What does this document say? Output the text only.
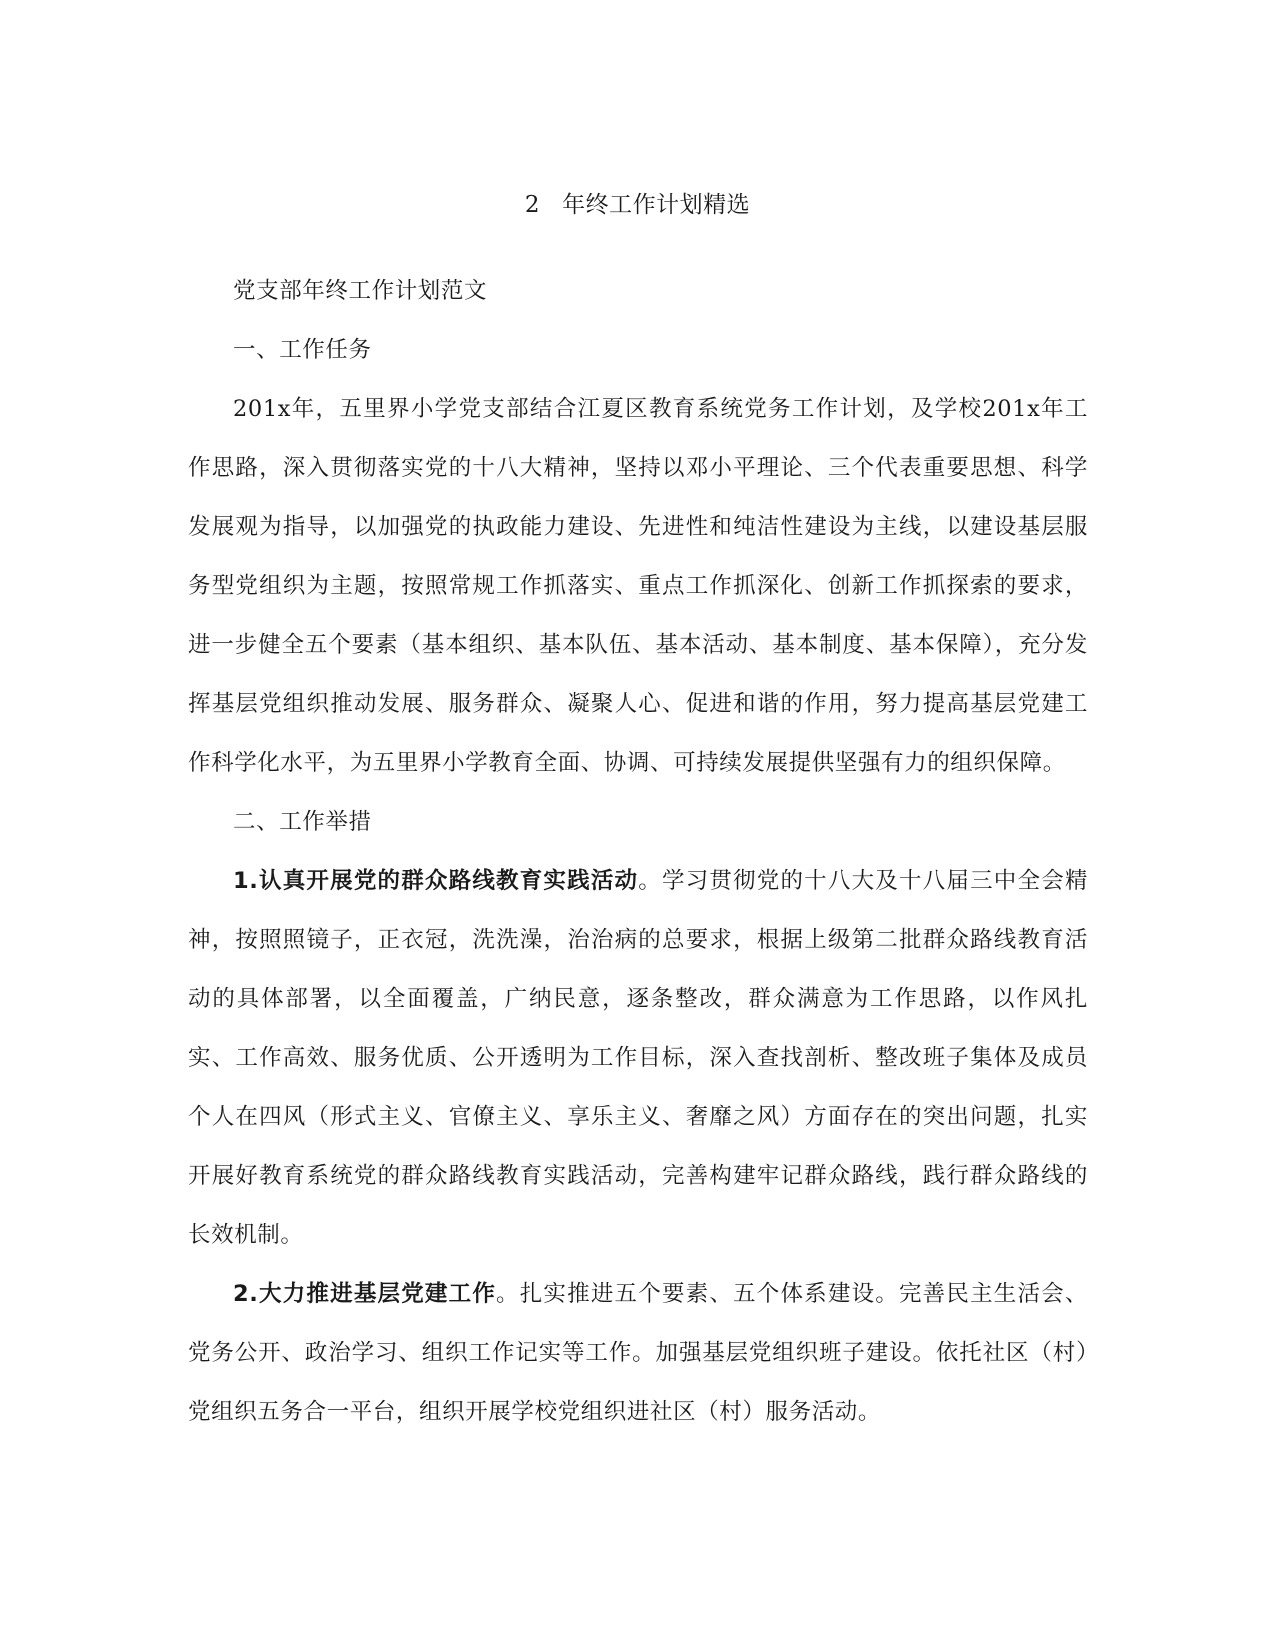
2 年终工作计划精选

党支部年终工作计划范文

一、工作任务

201x年，五里界小学党支部结合江夏区教育系统党务工作计划，及学校201x年工作思路，深入贯彻落实党的十八大精神，坚持以邓小平理论、三个代表重要思想、科学发展观为指导，以加强党的执政能力建设、先进性和纯洁性建设为主线，以建设基层服务型党组织为主题，按照常规工作抓落实、重点工作抓深化、创新工作抓探索的要求，进一步健全五个要素（基本组织、基本队伍、基本活动、基本制度、基本保障），充分发挥基层党组织推动发展、服务群众、凝聚人心、促进和谐的作用，努力提高基层党建工作科学化水平，为五里界小学教育全面、协调、可持续发展提供坚强有力的组织保障。

二、工作举措

1.认真开展党的群众路线教育实践活动。学习贯彻党的十八大及十八届三中全会精神，按照照镜子，正衣冠，洗洗澡，治治病的总要求，根据上级第二批群众路线教育活动的具体部署，以全面覆盖，广纳民意，逐条整改，群众满意为工作思路，以作风扎实、工作高效、服务优质、公开透明为工作目标，深入查找剖析、整改班子集体及成员个人在四风（形式主义、官僚主义、享乐主义、奢靡之风）方面存在的突出问题，扎实开展好教育系统党的群众路线教育实践活动，完善构建牢记群众路线，践行群众路线的长效机制。

2.大力推进基层党建工作。扎实推进五个要素、五个体系建设。完善民主生活会、党务公开、政治学习、组织工作记实等工作。加强基层党组织班子建设。依托社区（村）党组织五务合一平台，组织开展学校党组织进社区（村）服务活动。
